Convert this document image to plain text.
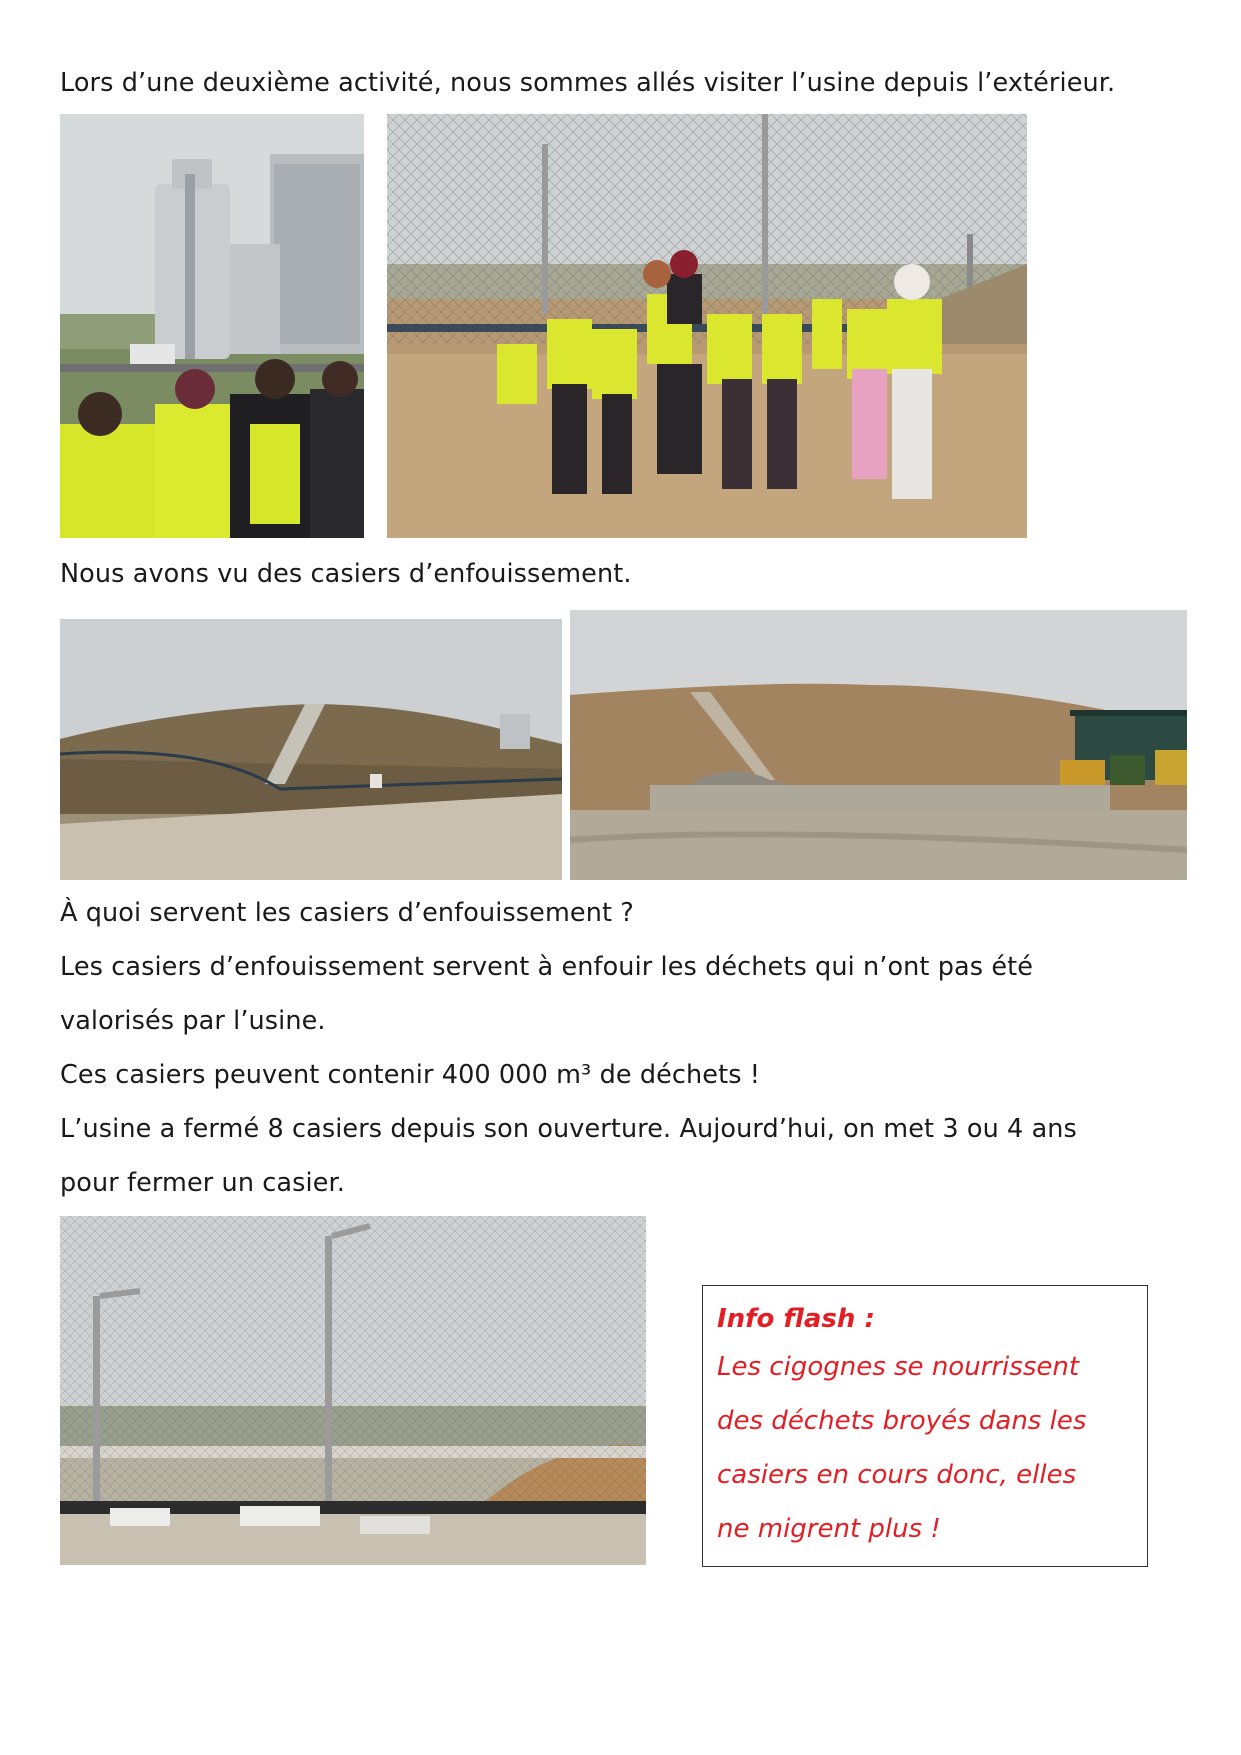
Lors d’une deuxième activité, nous sommes allés visiter l’usine depuis l’extérieur.
Nous avons vu des casiers d’enfouissement.
À quoi servent les casiers d’enfouissement ?
Les casiers d’enfouissement servent à enfouir les déchets qui n’ont pas été
valorisés par l’usine.
Ces casiers peuvent contenir 400 000 m³ de déchets !
L’usine a fermé 8 casiers depuis son ouverture. Aujourd’hui, on met 3 ou 4 ans
pour fermer un casier.

Info flash :

Les cigognes se nourrissent

des déchets broyés dans les

casiers en cours donc, elles

ne migrent plus !
